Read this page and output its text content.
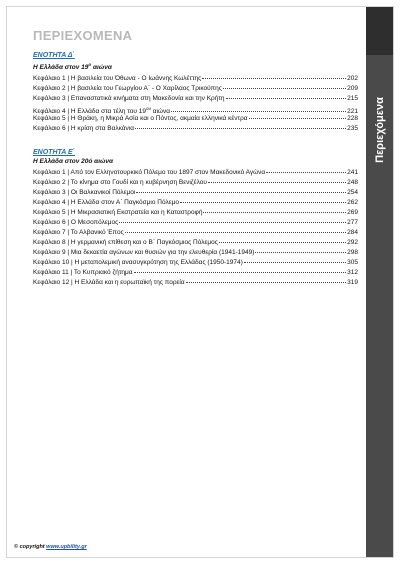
Περιεχόμενα
ΠΕΡΙΕΧΟΜΕΝΑ
ΕΝΟΤΗΤΑ Δ΄
Η Ελλάδα στον $19^o$ αιώνα
Κεφάλαιο 1 | Η βασιλεία του Όθωνα - Ο Ιωάννης Κωλέττης	202
Κεφάλαιο 2 | Η βασιλεία του Γεωργίου Α΄ - Ο Χαρίλαος Τρικούπης	209
Κεφάλαιο 3 | Επαναστατικά κινήματα στη Μακεδονία και την Κρήτη	215
Κεφάλαιο 4 | Η Ελλάδα στα τέλη του $19^{o\upsilon}$ αιώνα	221
Κεφάλαιο 5 | Η Θράκη, η Μικρά Ασία και ο Πόντος, ακμαία ελληνικά κέντρα	228
Κεφάλαιο 6 | Η κρίση στα Βαλκάνια	235
ΕΝΟΤΗΤΑ Ε΄
Η Ελλάδα στον 20ό αιώνα
Κεφάλαιο 1 | Από τον Ελληνοτουρκικό Πόλεμο του 1897 στον Μακεδονικό Αγώνα	241
Κεφάλαιο 2 | Το κίνημα στο Γουδί και η κυβέρνηση Βενιζέλου	248
Κεφάλαιο 3 | Οι Βαλκανικοί Πόλεμοι	254
Κεφάλαιο 4 | Η Ελλάδα στον Α΄ Παγκόσμιο Πόλεμο	262
Κεφάλαιο 5 | Η Μικρασιατική Εκστρατεία και η Καταστροφή	269
Κεφάλαιο 6 | Ο Μεσοπόλεμος	277
Κεφάλαιο 7 | Το Αλβανικό Έπος	284
Κεφάλαιο 8 | Η γερμανική επίθεση και ο Β΄ Παγκόσμιος Πόλεμος	292
Κεφάλαιο 9 | Μια δεκαετία αγώνων και θυσιών για την ελευθερία (1941-1949)	298
Κεφάλαιο 10 | Η μεταπολεμική ανασυγκρότηση της Ελλάδας (1950-1974)	305
Κεφάλαιο 11 | Το Κυπριακό ζήτημα	312
Κεφάλαιο 12 | Η Ελλάδα και η ευρωπαϊκή της πορεία	319
© copyright www.upbility.gr
